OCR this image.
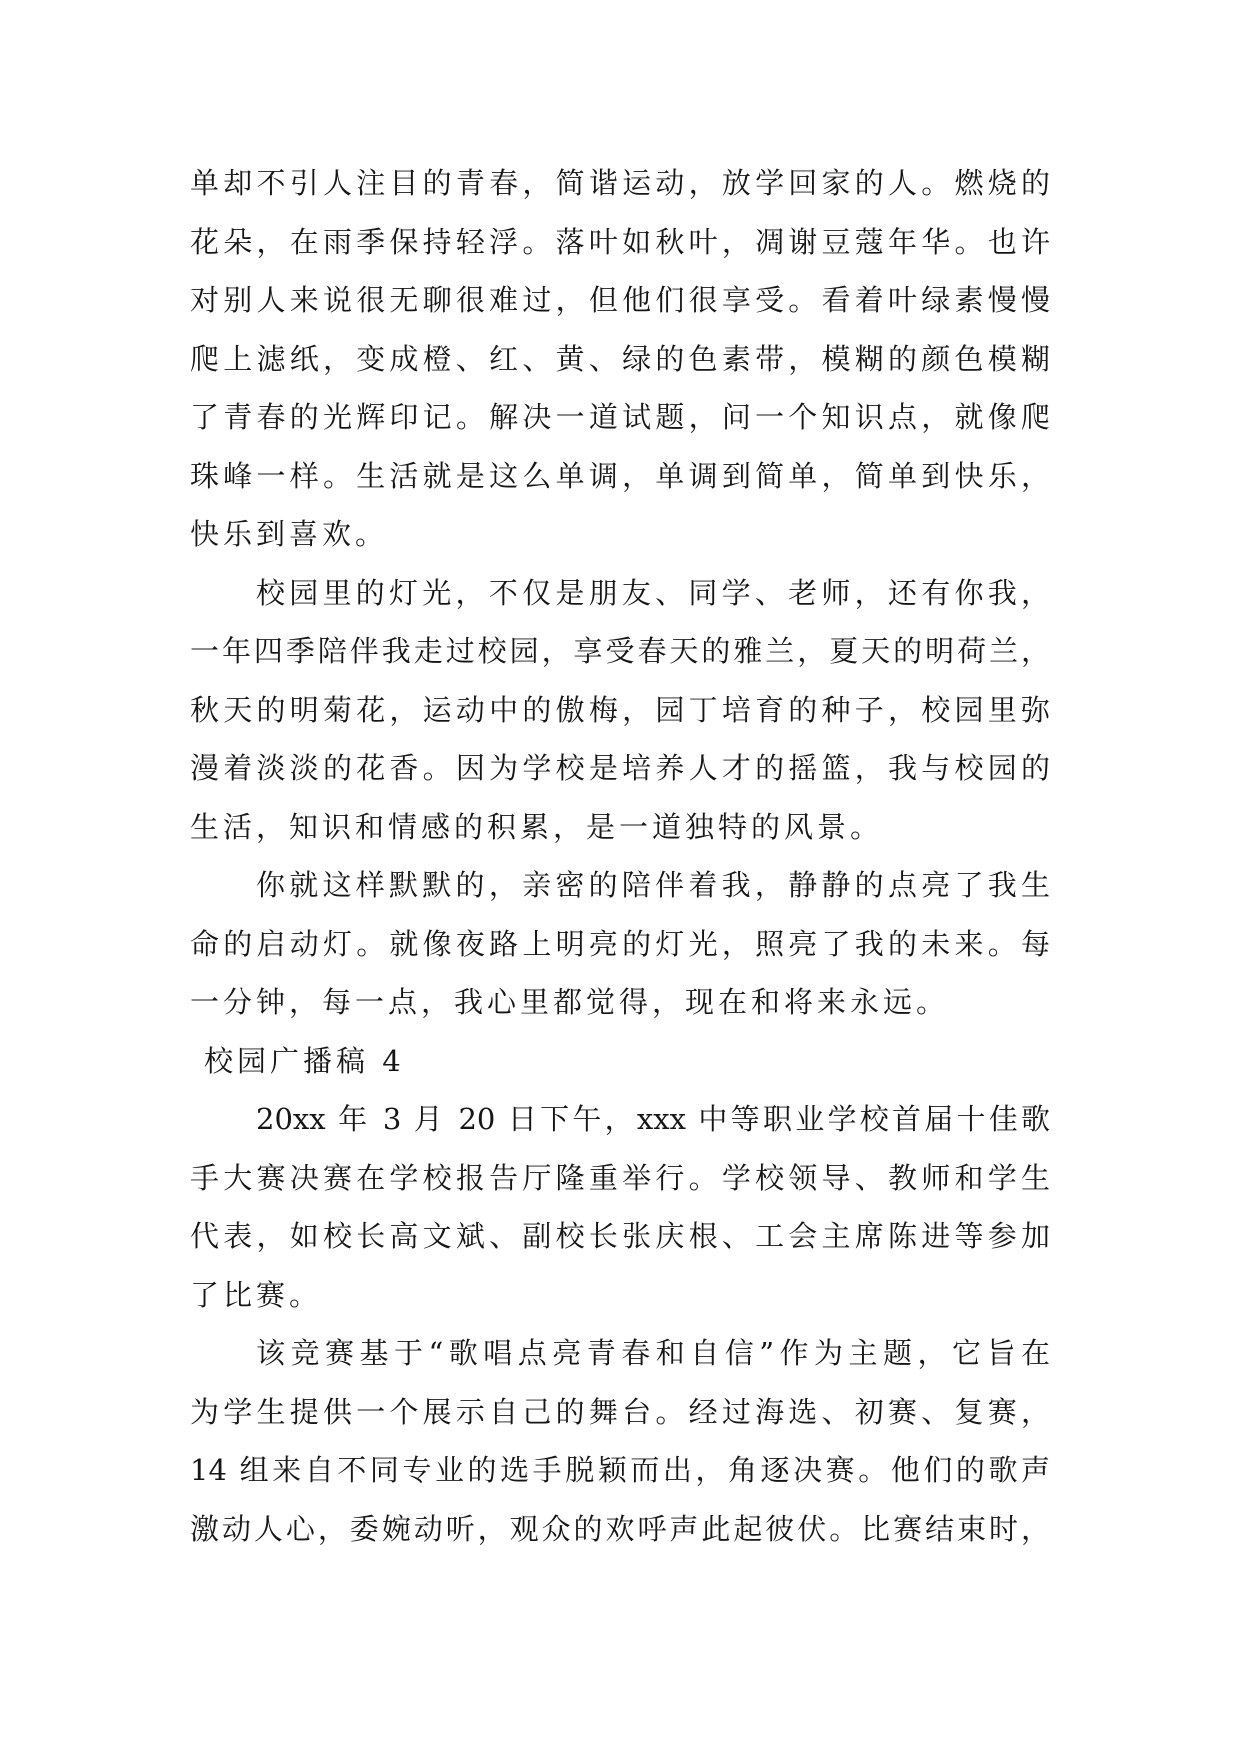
单却不引人注目的青春，简谐运动，放学回家的人。燃烧的
花朵，在雨季保持轻浮。落叶如秋叶，凋谢豆蔻年华。也许
对别人来说很无聊很难过，但他们很享受。看着叶绿素慢慢
爬上滤纸，变成橙、红、黄、绿的色素带，模糊的颜色模糊
了青春的光辉印记。解决一道试题，问一个知识点，就像爬
珠峰一样。生活就是这么单调，单调到简单，简单到快乐，
快乐到喜欢。
校园里的灯光，不仅是朋友、同学、老师，还有你我，
一年四季陪伴我走过校园，享受春天的雅兰，夏天的明荷兰，
秋天的明菊花，运动中的傲梅，园丁培育的种子，校园里弥
漫着淡淡的花香。因为学校是培养人才的摇篮，我与校园的
生活，知识和情感的积累，是一道独特的风景。
你就这样默默的，亲密的陪伴着我，静静的点亮了我生
命的启动灯。就像夜路上明亮的灯光，照亮了我的未来。每
一分钟，每一点，我心里都觉得，现在和将来永远。
校园广播稿 4
20xx 年 3 月 20 日下午，xxx 中等职业学校首届十佳歌
手大赛决赛在学校报告厅隆重举行。学校领导、教师和学生
代表，如校长高文斌、副校长张庆根、工会主席陈进等参加
了比赛。
该竞赛基于“歌唱点亮青春和自信”作为主题，它旨在
为学生提供一个展示自己的舞台。经过海选、初赛、复赛，
14 组来自不同专业的选手脱颖而出，角逐决赛。他们的歌声
激动人心，委婉动听，观众的欢呼声此起彼伏。比赛结束时，
